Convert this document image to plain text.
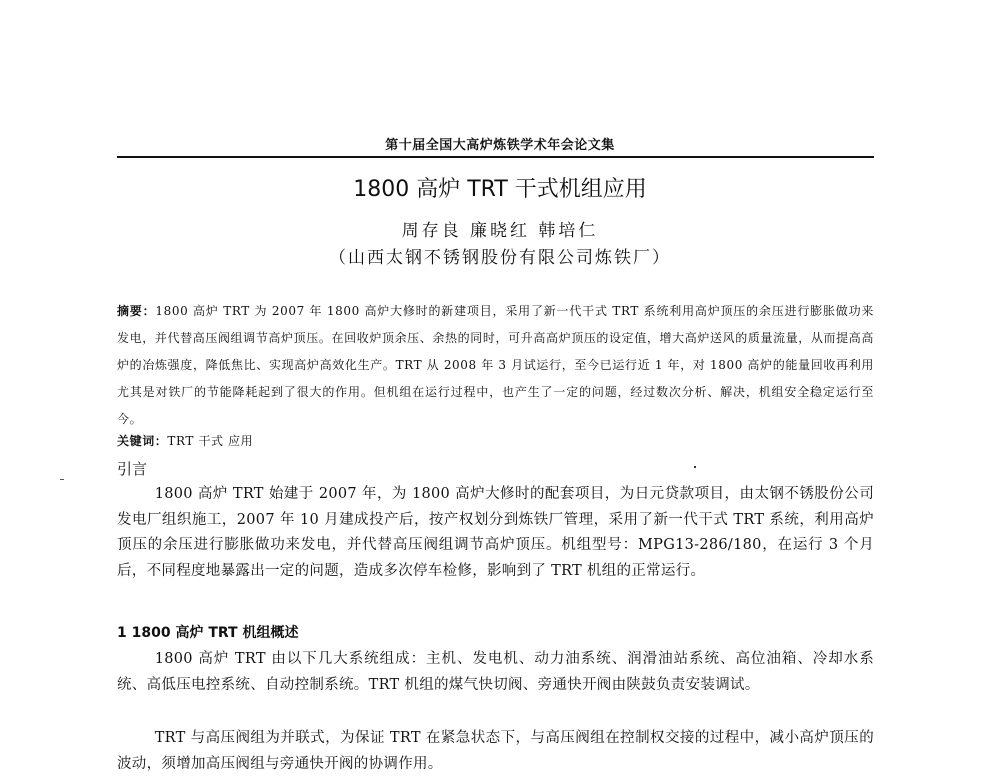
第十届全国大高炉炼铁学术年会论文集
1800 高炉 TRT 干式机组应用
周存良 廉晓红 韩培仁
（山西太钢不锈钢股份有限公司炼铁厂）
摘要：1800 高炉 TRT 为 2007 年 1800 高炉大修时的新建项目，采用了新一代干式 TRT 系统利用高炉顶压的余压进行膨胀做功来发电，并代替高压阀组调节高炉顶压。在回收炉顶余压、余热的同时，可升高高炉顶压的设定值，增大高炉送风的质量流量，从而提高高炉的冶炼强度，降低焦比、实现高炉高效化生产。TRT 从 2008 年 3 月试运行，至今已运行近 1 年，对 1800 高炉的能量回收再利用尤其是对铁厂的节能降耗起到了很大的作用。但机组在运行过程中，也产生了一定的问题，经过数次分析、解决，机组安全稳定运行至今。
关键词：TRT 干式 应用
引言
1800 高炉 TRT 始建于 2007 年，为 1800 高炉大修时的配套项目，为日元贷款项目，由太钢不锈股份公司发电厂组织施工，2007 年 10 月建成投产后，按产权划分到炼铁厂管理，采用了新一代干式 TRT 系统，利用高炉顶压的余压进行膨胀做功来发电，并代替高压阀组调节高炉顶压。机组型号：MPG13-286/180，在运行 3 个月后，不同程度地暴露出一定的问题，造成多次停车检修，影响到了 TRT 机组的正常运行。
1 1800 高炉 TRT 机组概述
1800 高炉 TRT 由以下几大系统组成：主机、发电机、动力油系统、润滑油站系统、高位油箱、冷却水系统、高低压电控系统、自动控制系统。TRT 机组的煤气快切阀、旁通快开阀由陕鼓负责安装调试。
TRT 与高压阀组为并联式，为保证 TRT 在紧急状态下，与高压阀组在控制权交接的过程中，减小高炉顶压的波动，须增加高压阀组与旁通快开阀的协调作用。
